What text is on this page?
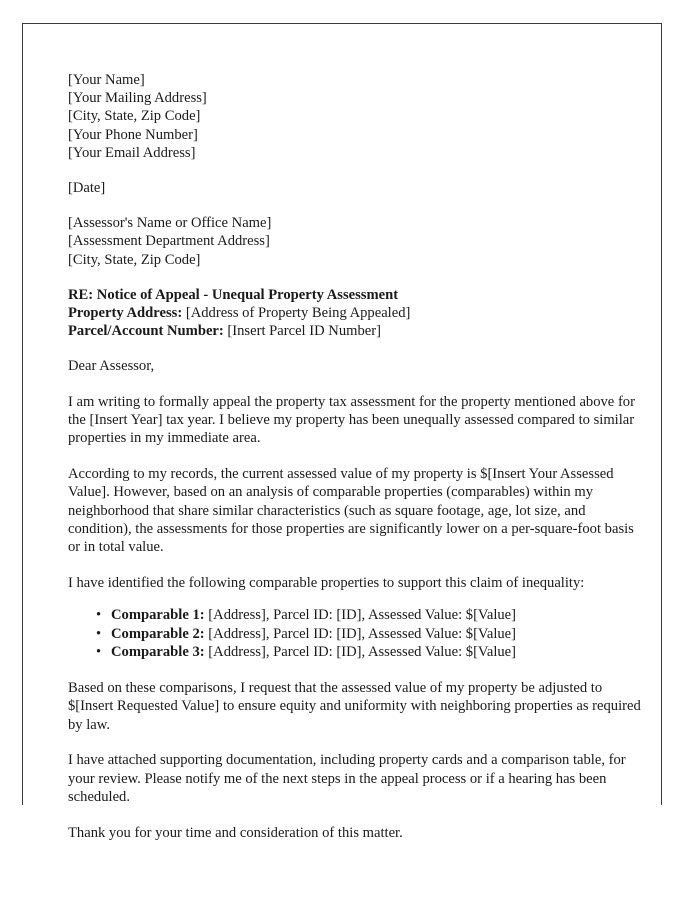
[Your Name]
[Your Mailing Address]
[City, State, Zip Code]
[Your Phone Number]
[Your Email Address]
[Date]
[Assessor's Name or Office Name]
[Assessment Department Address]
[City, State, Zip Code]
RE: Notice of Appeal - Unequal Property Assessment
Property Address: [Address of Property Being Appealed]
Parcel/Account Number: [Insert Parcel ID Number]
Dear Assessor,

I am writing to formally appeal the property tax assessment for the property mentioned above for the [Insert Year] tax year. I believe my property has been unequally assessed compared to similar properties in my immediate area.

According to my records, the current assessed value of my property is $[Insert Your Assessed Value]. However, based on an analysis of comparable properties (comparables) within my neighborhood that share similar characteristics (such as square footage, age, lot size, and condition), the assessments for those properties are significantly lower on a per-square-foot basis or in total value.

I have identified the following comparable properties to support this claim of inequality:

• Comparable 1: [Address], Parcel ID: [ID], Assessed Value: $[Value]
• Comparable 2: [Address], Parcel ID: [ID], Assessed Value: $[Value]
• Comparable 3: [Address], Parcel ID: [ID], Assessed Value: $[Value]

Based on these comparisons, I request that the assessed value of my property be adjusted to $[Insert Requested Value] to ensure equity and uniformity with neighboring properties as required by law.

I have attached supporting documentation, including property cards and a comparison table, for your review. Please notify me of the next steps in the appeal process or if a hearing has been scheduled.

Thank you for your time and consideration of this matter.
